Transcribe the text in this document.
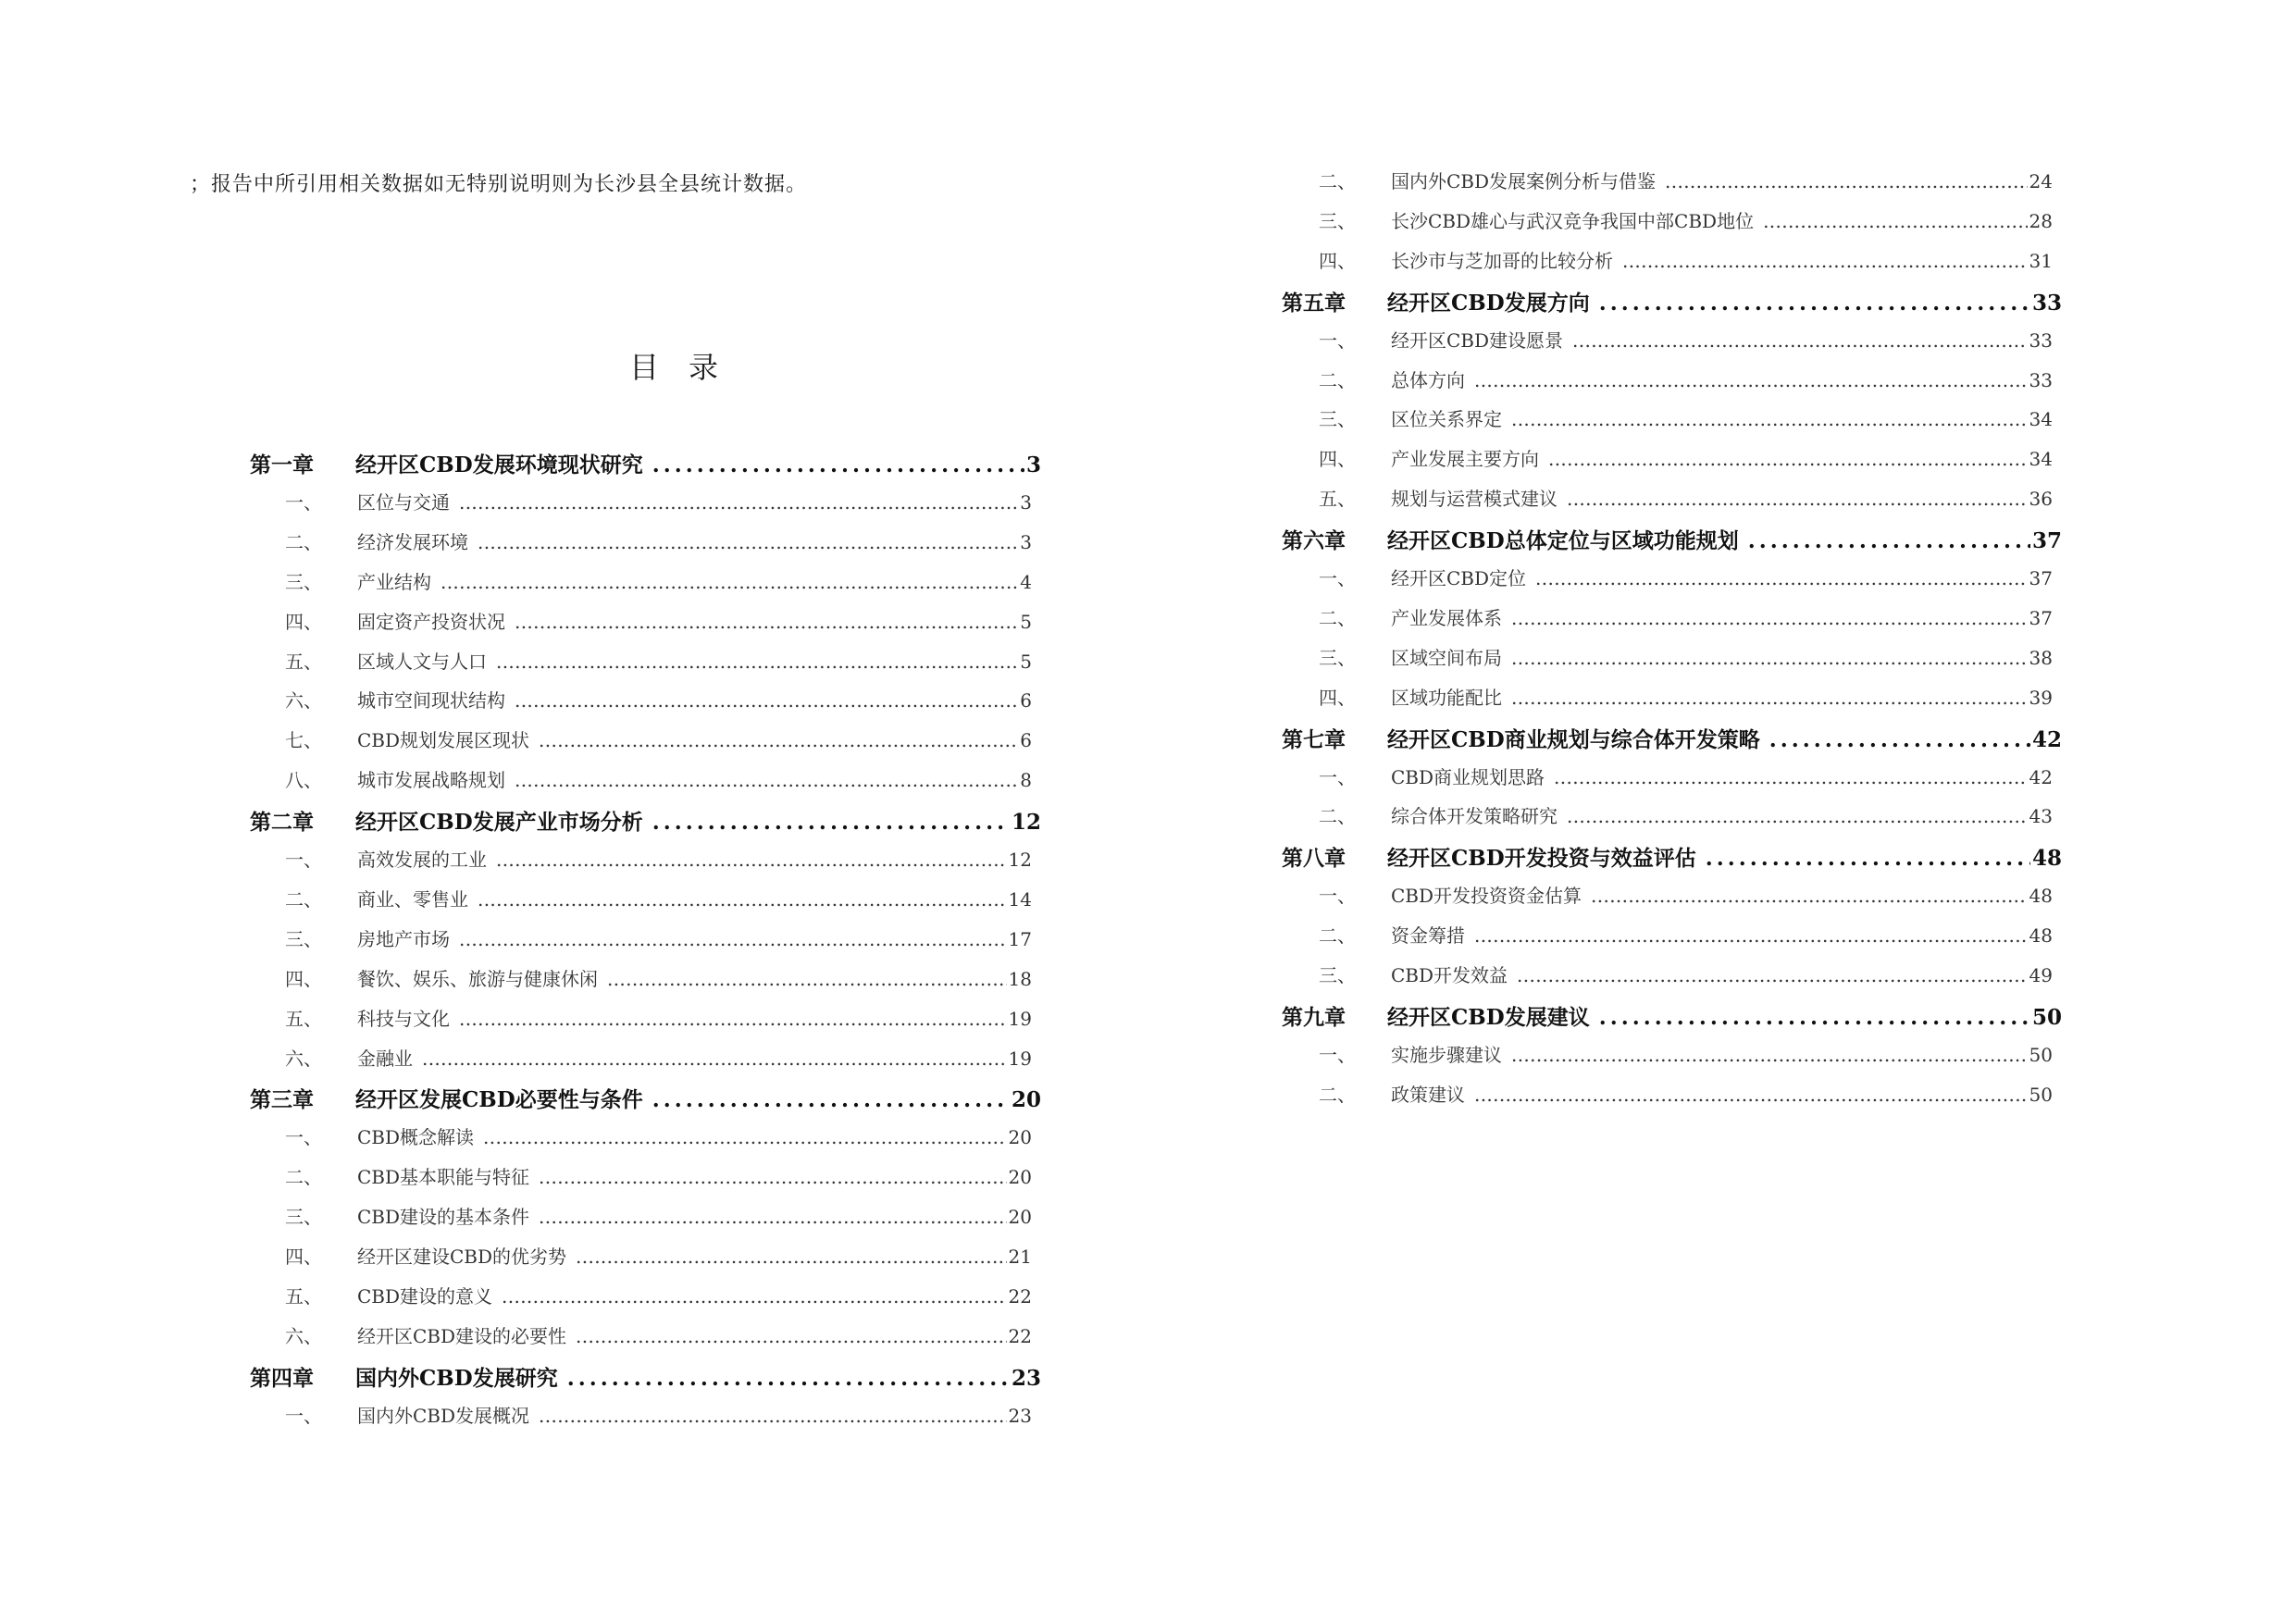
；报告中所引用相关数据如无特别说明则为长沙县全县统计数据。
目　录
第一章	经开区CBD发展环境现状研究 . . .	3
一、	区位与交通 . . .	3
二、	经济发展环境 . . .	3
三、	产业结构 . . .	4
四、	固定资产投资状况 . . .	5
五、	区域人文与人口 . . .	5
六、	城市空间现状结构 . . .	6
七、	CBD规划发展区现状 . . .	6
八、	城市发展战略规划 . . .	8
第二章	经开区CBD发展产业市场分析 . . .	12
一、	高效发展的工业 . . .	12
二、	商业、零售业 . . .	14
三、	房地产市场 . . .	17
四、	餐饮、娱乐、旅游与健康休闲 . . .	18
五、	科技与文化 . . .	19
六、	金融业 . . .	19
第三章	经开区发展CBD必要性与条件 . . .	20
一、	CBD概念解读 . . .	20
二、	CBD基本职能与特征 . . .	20
三、	CBD建设的基本条件 . . .	20
四、	经开区建设CBD的优劣势 . . .	21
五、	CBD建设的意义 . . .	22
六、	经开区CBD建设的必要性 . . .	22
第四章	国内外CBD发展研究 . . .	23
一、	国内外CBD发展概况 . . .	23
二、	国内外CBD发展案例分析与借鉴 . . .	24
三、	长沙CBD雄心与武汉竞争我国中部CBD地位 . . .	28
四、	长沙市与芝加哥的比较分析 . . .	31
第五章	经开区CBD发展方向 . . .	33
一、	经开区CBD建设愿景 . . .	33
二、	总体方向 . . .	33
三、	区位关系界定 . . .	34
四、	产业发展主要方向 . . .	34
五、	规划与运营模式建议 . . .	36
第六章	经开区CBD总体定位与区域功能规划 . . .	37
一、	经开区CBD定位 . . .	37
二、	产业发展体系 . . .	37
三、	区域空间布局 . . .	38
四、	区域功能配比 . . .	39
第七章	经开区CBD商业规划与综合体开发策略 . . .	42
一、	CBD商业规划思路 . . .	42
二、	综合体开发策略研究 . . .	43
第八章	经开区CBD开发投资与效益评估 . . .	48
一、	CBD开发投资资金估算 . . .	48
二、	资金筹措 . . .	48
三、	CBD开发效益 . . .	49
第九章	经开区CBD发展建议 . . .	50
一、	实施步骤建议 . . .	50
二、	政策建议 . . .	50
